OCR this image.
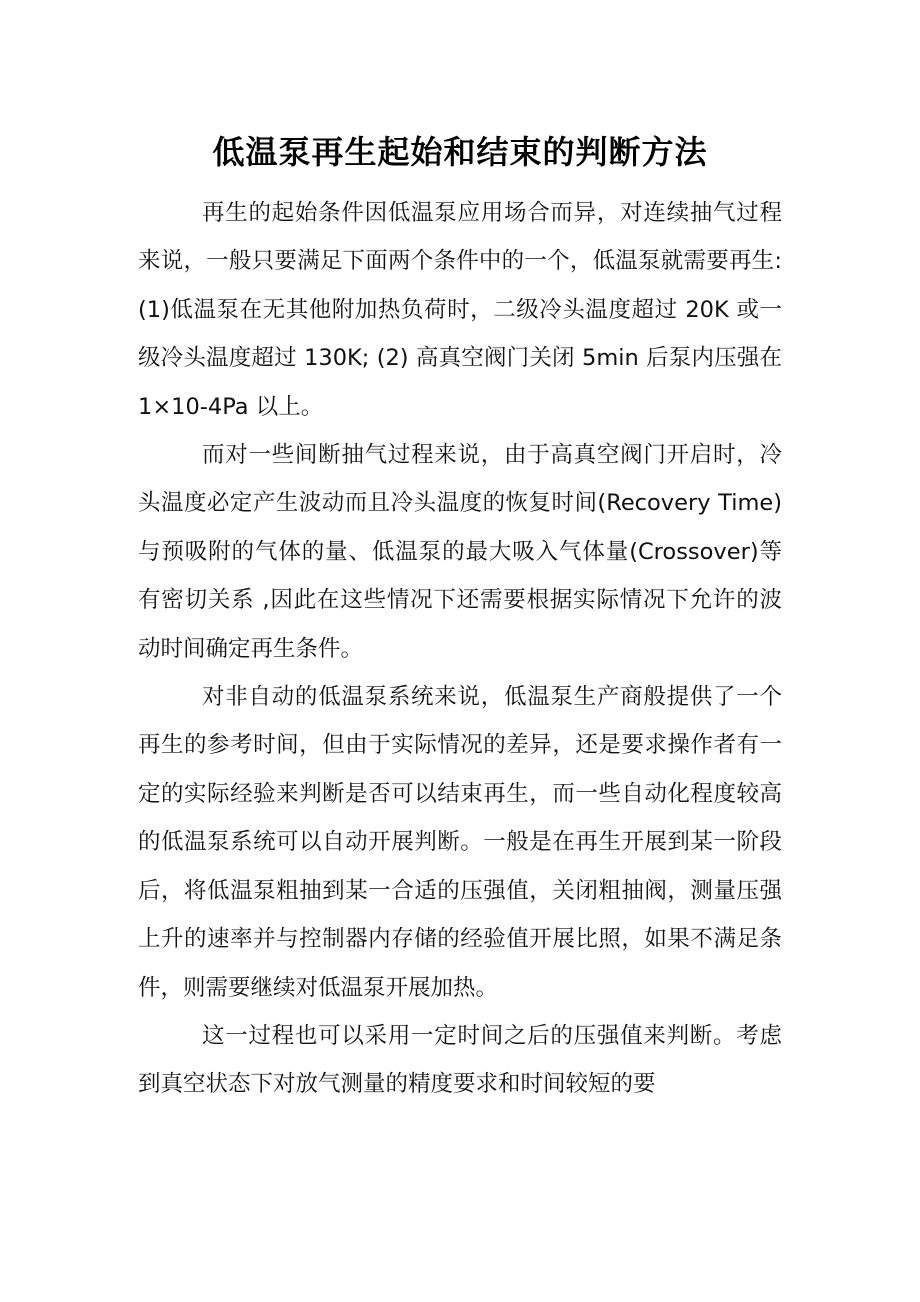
低温泵再生起始和结束的判断方法

再生的起始条件因低温泵应用场合而异，对连续抽气过程来说，一般只要满足下面两个条件中的一个，低温泵就需要再生:(1)低温泵在无其他附加热负荷时，二级冷头温度超过 20K 或一级冷头温度超过 130K; (2) 高真空阀门关闭 5min 后泵内压强在 1×10-4Pa 以上。

而对一些间断抽气过程来说，由于高真空阀门开启时，冷头温度必定产生波动而且冷头温度的恢复时间(Recovery Time) 与预吸附的气体的量、低温泵的最大吸入气体量(Crossover)等有密切关系 ,因此在这些情况下还需要根据实际情况下允许的波动时间确定再生条件。

对非自动的低温泵系统来说，低温泵生产商般提供了一个再生的参考时间，但由于实际情况的差异，还是要求操作者有一定的实际经验来判断是否可以结束再生，而一些自动化程度较高的低温泵系统可以自动开展判断。一般是在再生开展到某一阶段后，将低温泵粗抽到某一合适的压强值，关闭粗抽阀，测量压强上升的速率并与控制器内存储的经验值开展比照，如果不满足条件，则需要继续对低温泵开展加热。

这一过程也可以采用一定时间之后的压强值来判断。考虑到真空状态下对放气测量的精度要求和时间较短的要
